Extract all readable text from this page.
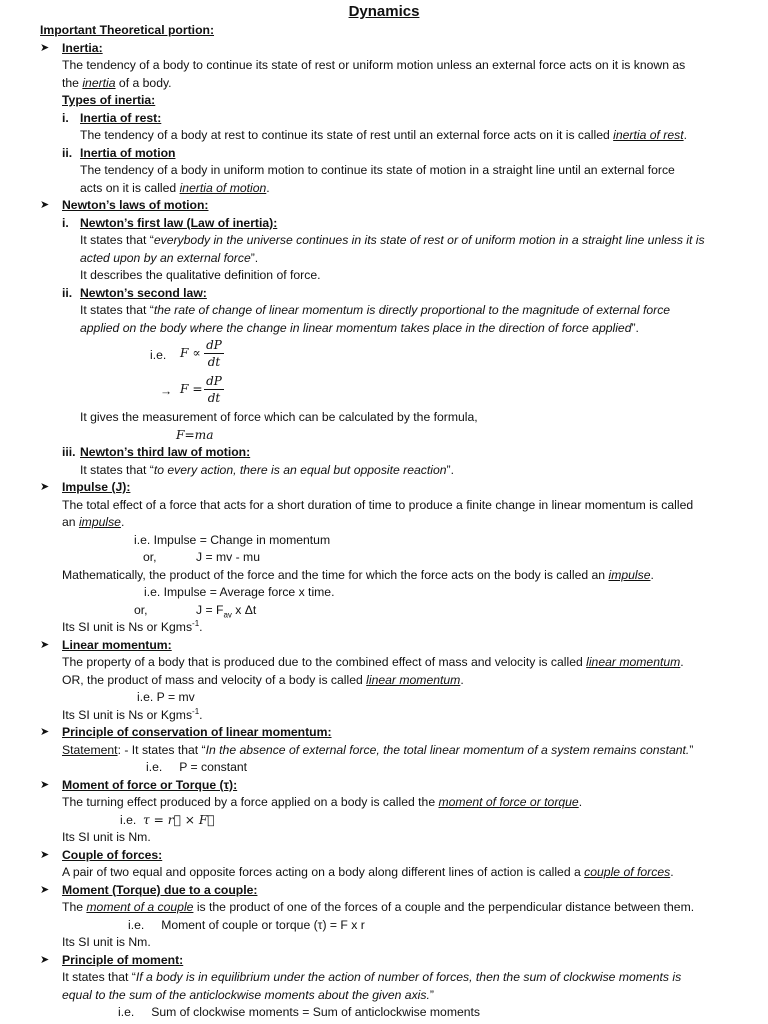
Dynamics
Important Theoretical portion:
➤ Inertia:
The tendency of a body to continue its state of rest or uniform motion unless an external force acts on it is known as
the inertia of a body.
Types of inertia:
i. Inertia of rest:
The tendency of a body at rest to continue its state of rest until an external force acts on it is called inertia of rest.
ii. Inertia of motion
The tendency of a body in uniform motion to continue its state of motion in a straight line until an external force
acts on it is called inertia of motion.
➤ Newton’s laws of motion:
i. Newton’s first law (Law of inertia):
It states that “everybody in the universe continues in its state of rest or of uniform motion in a straight line unless it is
acted upon by an external force”.
It describes the qualitative definition of force.
ii. Newton’s second law:
It states that “the rate of change of linear momentum is directly proportional to the magnitude of external force
applied on the body where the change in linear momentum takes place in the direction of force applied”.
i.e. $F \propto \frac{dP}{dt}$
→ $F = \frac{dP}{dt}$
It gives the measurement of force which can be calculated by the formula,
F=ma
iii. Newton’s third law of motion:
It states that “to every action, there is an equal but opposite reaction”.
➤ Impulse (J):
The total effect of a force that acts for a short duration of time to produce a finite change in linear momentum is called
an impulse.
i.e. Impulse = Change in momentum
or,	J = mv - mu
Mathematically, the product of the force and the time for which the force acts on the body is called an impulse.
i.e. Impulse = Average force x time.
or,	$J = F_{av}$ x Δt
Its SI unit is Ns or Kgms$^{-1}$.
➤ Linear momentum:
The property of a body that is produced due to the combined effect of mass and velocity is called linear momentum.
OR, the product of mass and velocity of a body is called linear momentum.
i.e. P = mv
Its SI unit is Ns or Kgms$^{-1}$.
➤ Principle of conservation of linear momentum:
Statement: - It states that “In the absence of external force, the total linear momentum of a system remains constant.”
i.e.     P = constant
➤ Moment of force or Torque (τ):
The turning effect produced by a force applied on a body is called the moment of force or torque.
i.e. τ = r⃗ × F⃗
Its SI unit is Nm.
➤ Couple of forces:
A pair of two equal and opposite forces acting on a body along different lines of action is called a couple of forces.
➤ Moment (Torque) due to a couple:
The moment of a couple is the product of one of the forces of a couple and the perpendicular distance between them.
i.e.     Moment of couple or torque (τ) = F x r
Its SI unit is Nm.
➤ Principle of moment:
It states that “If a body is in equilibrium under the action of number of forces, then the sum of clockwise moments is
equal to the sum of the anticlockwise moments about the given axis.”
i.e.     Sum of clockwise moments = Sum of anticlockwise moments
